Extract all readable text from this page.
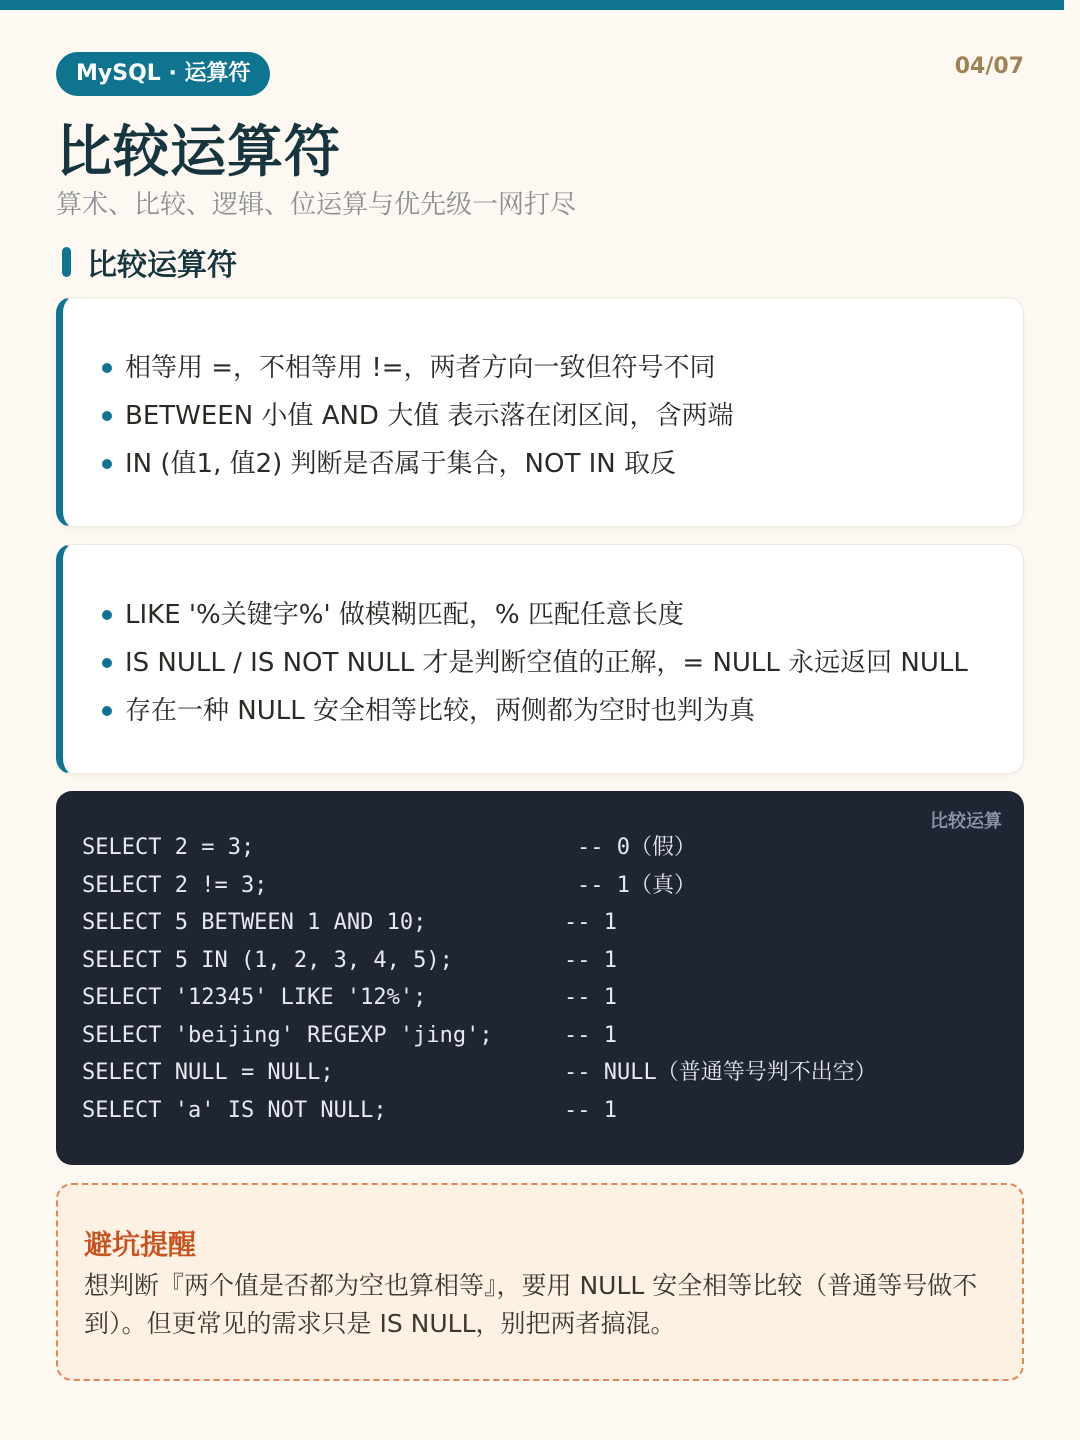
MySQL · 运算符	04/07
比较运算符
算术、比较、逻辑、位运算与优先级一网打尽
比较运算符
相等用 =，不相等用 !=，两者方向一致但符号不同
BETWEEN 小值 AND 大值 表示落在闭区间，含两端
IN (值1, 值2) 判断是否属于集合，NOT IN 取反
LIKE '%关键字%' 做模糊匹配，% 匹配任意长度
IS NULL / IS NOT NULL 才是判断空值的正解，= NULL 永远返回 NULL
存在一种 NULL 安全相等比较，两侧都为空时也判为真
比较运算
SELECT 2 = 3;	-- 0（假）
SELECT 2 != 3;	-- 1（真）
SELECT 5 BETWEEN 1 AND 10;	-- 1
SELECT 5 IN (1, 2, 3, 4, 5);	-- 1
SELECT '12345' LIKE '12%';	-- 1
SELECT 'beijing' REGEXP 'jing';	-- 1
SELECT NULL = NULL;	-- NULL（普通等号判不出空）
SELECT 'a' IS NOT NULL;	-- 1
避坑提醒
想判断『两个值是否都为空也算相等』，要用 NULL 安全相等比较（普通等号做不到）。但更常见的需求只是 IS NULL，别把两者搞混。
